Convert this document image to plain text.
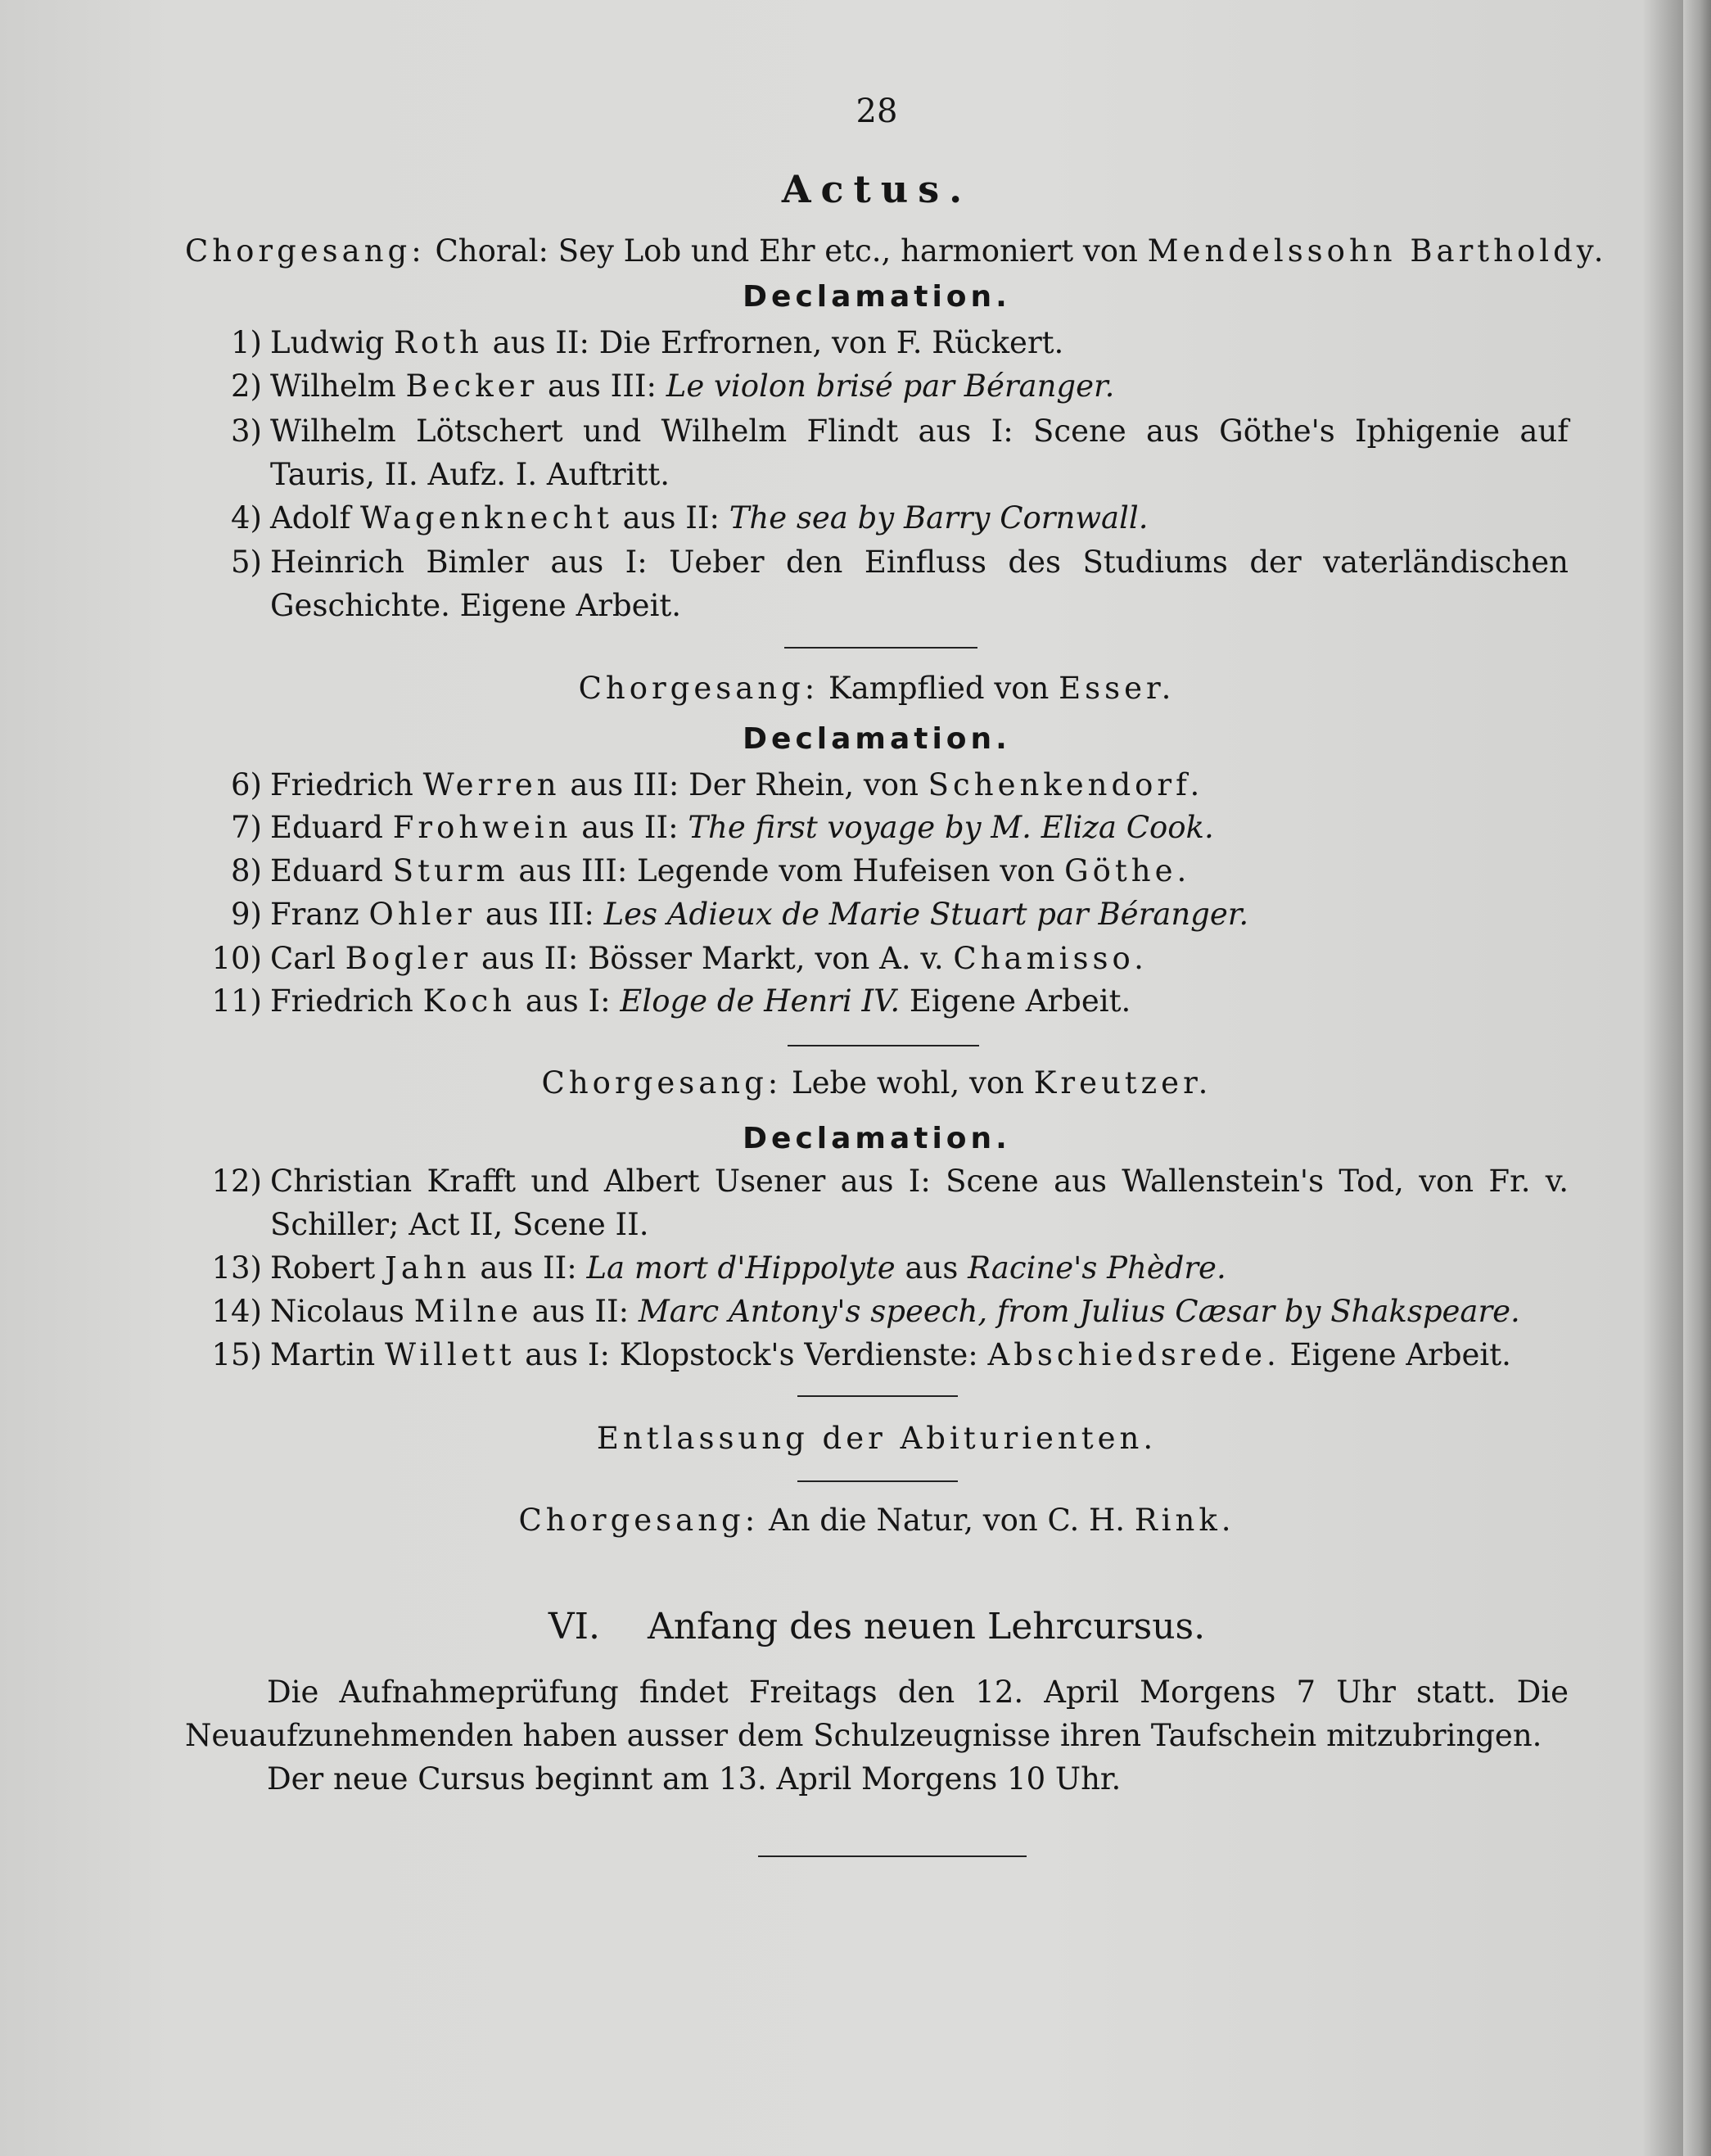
28
Actus.
Chorgesang: Choral: Sey Lob und Ehr etc., harmoniert von Mendelssohn Bartholdy.
Declamation.
1) Ludwig Roth aus II: Die Erfrornen, von F. Rückert.
2) Wilhelm Becker aus III: Le violon brisé par Béranger.
3) Wilhelm Lötschert und Wilhelm Flindt aus I: Scene aus Göthe's Iphigenie auf Tauris, II. Aufz. I. Auftritt.
4) Adolf Wagenknecht aus II: The sea by Barry Cornwall.
5) Heinrich Bimler aus I: Ueber den Einfluss des Studiums der vaterländischen Geschichte. Eigene Arbeit.
Chorgesang: Kampflied von Esser.
Declamation.
6) Friedrich Werren aus III: Der Rhein, von Schenkendorf.
7) Eduard Frohwein aus II: The first voyage by M. Eliza Cook.
8) Eduard Sturm aus III: Legende vom Hufeisen von Göthe.
9) Franz Ohler aus III: Les Adieux de Marie Stuart par Béranger.
10) Carl Bogler aus II: Bösser Markt, von A. v. Chamisso.
11) Friedrich Koch aus I: Eloge de Henri IV. Eigene Arbeit.
Chorgesang: Lebe wohl, von Kreutzer.
Declamation.
12) Christian Krafft und Albert Usener aus I: Scene aus Wallenstein's Tod, von Fr. v. Schiller; Act II, Scene II.
13) Robert Jahn aus II: La mort d'Hippolyte aus Racine's Phèdre.
14) Nicolaus Milne aus II: Marc Antony's speech, from Julius Cæsar by Shakspeare.
15) Martin Willett aus I: Klopstock's Verdienste: Abschiedsrede. Eigene Arbeit.
Entlassung der Abiturienten.
Chorgesang: An die Natur, von C. H. Rink.
VI. Anfang des neuen Lehrcursus.
Die Aufnahmeprüfung findet Freitags den 12. April Morgens 7 Uhr statt. Die Neuaufzunehmenden haben ausser dem Schulzeugnisse ihren Taufschein mitzubringen.
Der neue Cursus beginnt am 13. April Morgens 10 Uhr.
